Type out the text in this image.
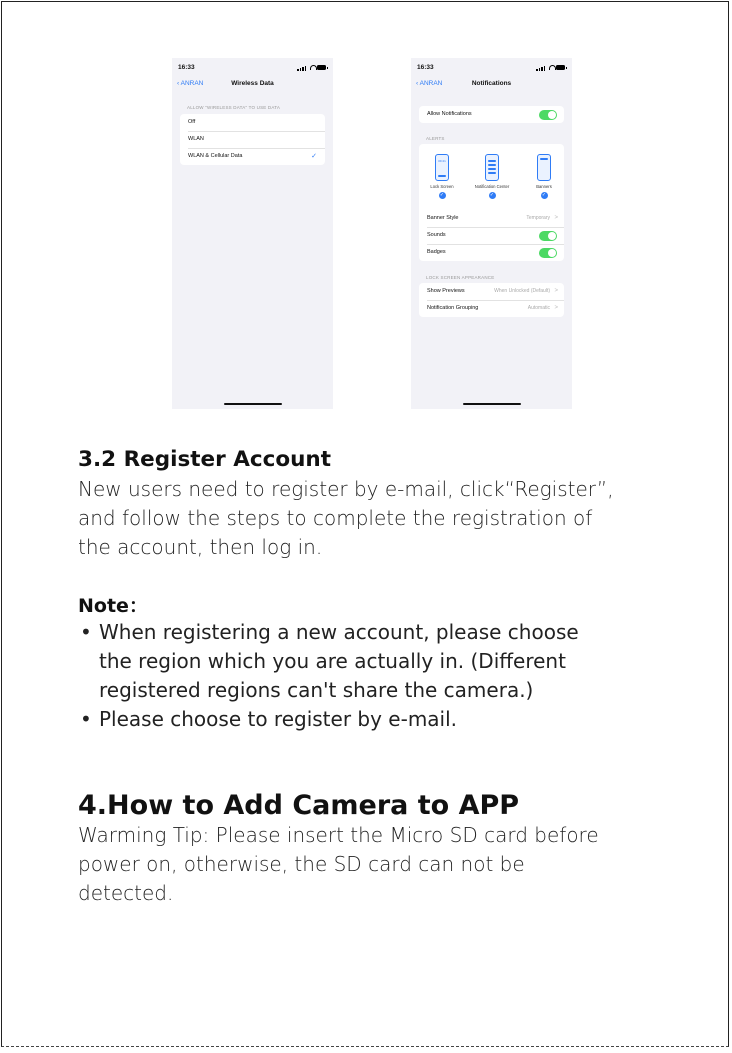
16:33
‹ ANRAN	Wireless Data
ALLOW "WIRELESS DATA" TO USE DATA
Off
WLAN
WLAN & Cellular Data	✓
16:33
‹ ANRAN	Notifications
Allow Notifications
ALERTS
09:41
Lock Screen
✓
Notification Center
✓
Banners
✓
Banner Style	Temporary >
Sounds
Badges
LOCK SCREEN APPEARANCE
Show Previews	When Unlocked (Default) >
Notification Grouping	Automatic >
3.2 Register Account
New users need to register by e-mail, click“Register”,
and follow the steps to complete the registration of
the account, then log in.
Note：
• When registering a new account, please choose
the region which you are actually in. (Different
registered regions can't share the camera.)
• Please choose to register by e-mail.
4.How to Add Camera to APP
Warming Tip: Please insert the Micro SD card before
power on, otherwise, the SD card can not be
detected.
